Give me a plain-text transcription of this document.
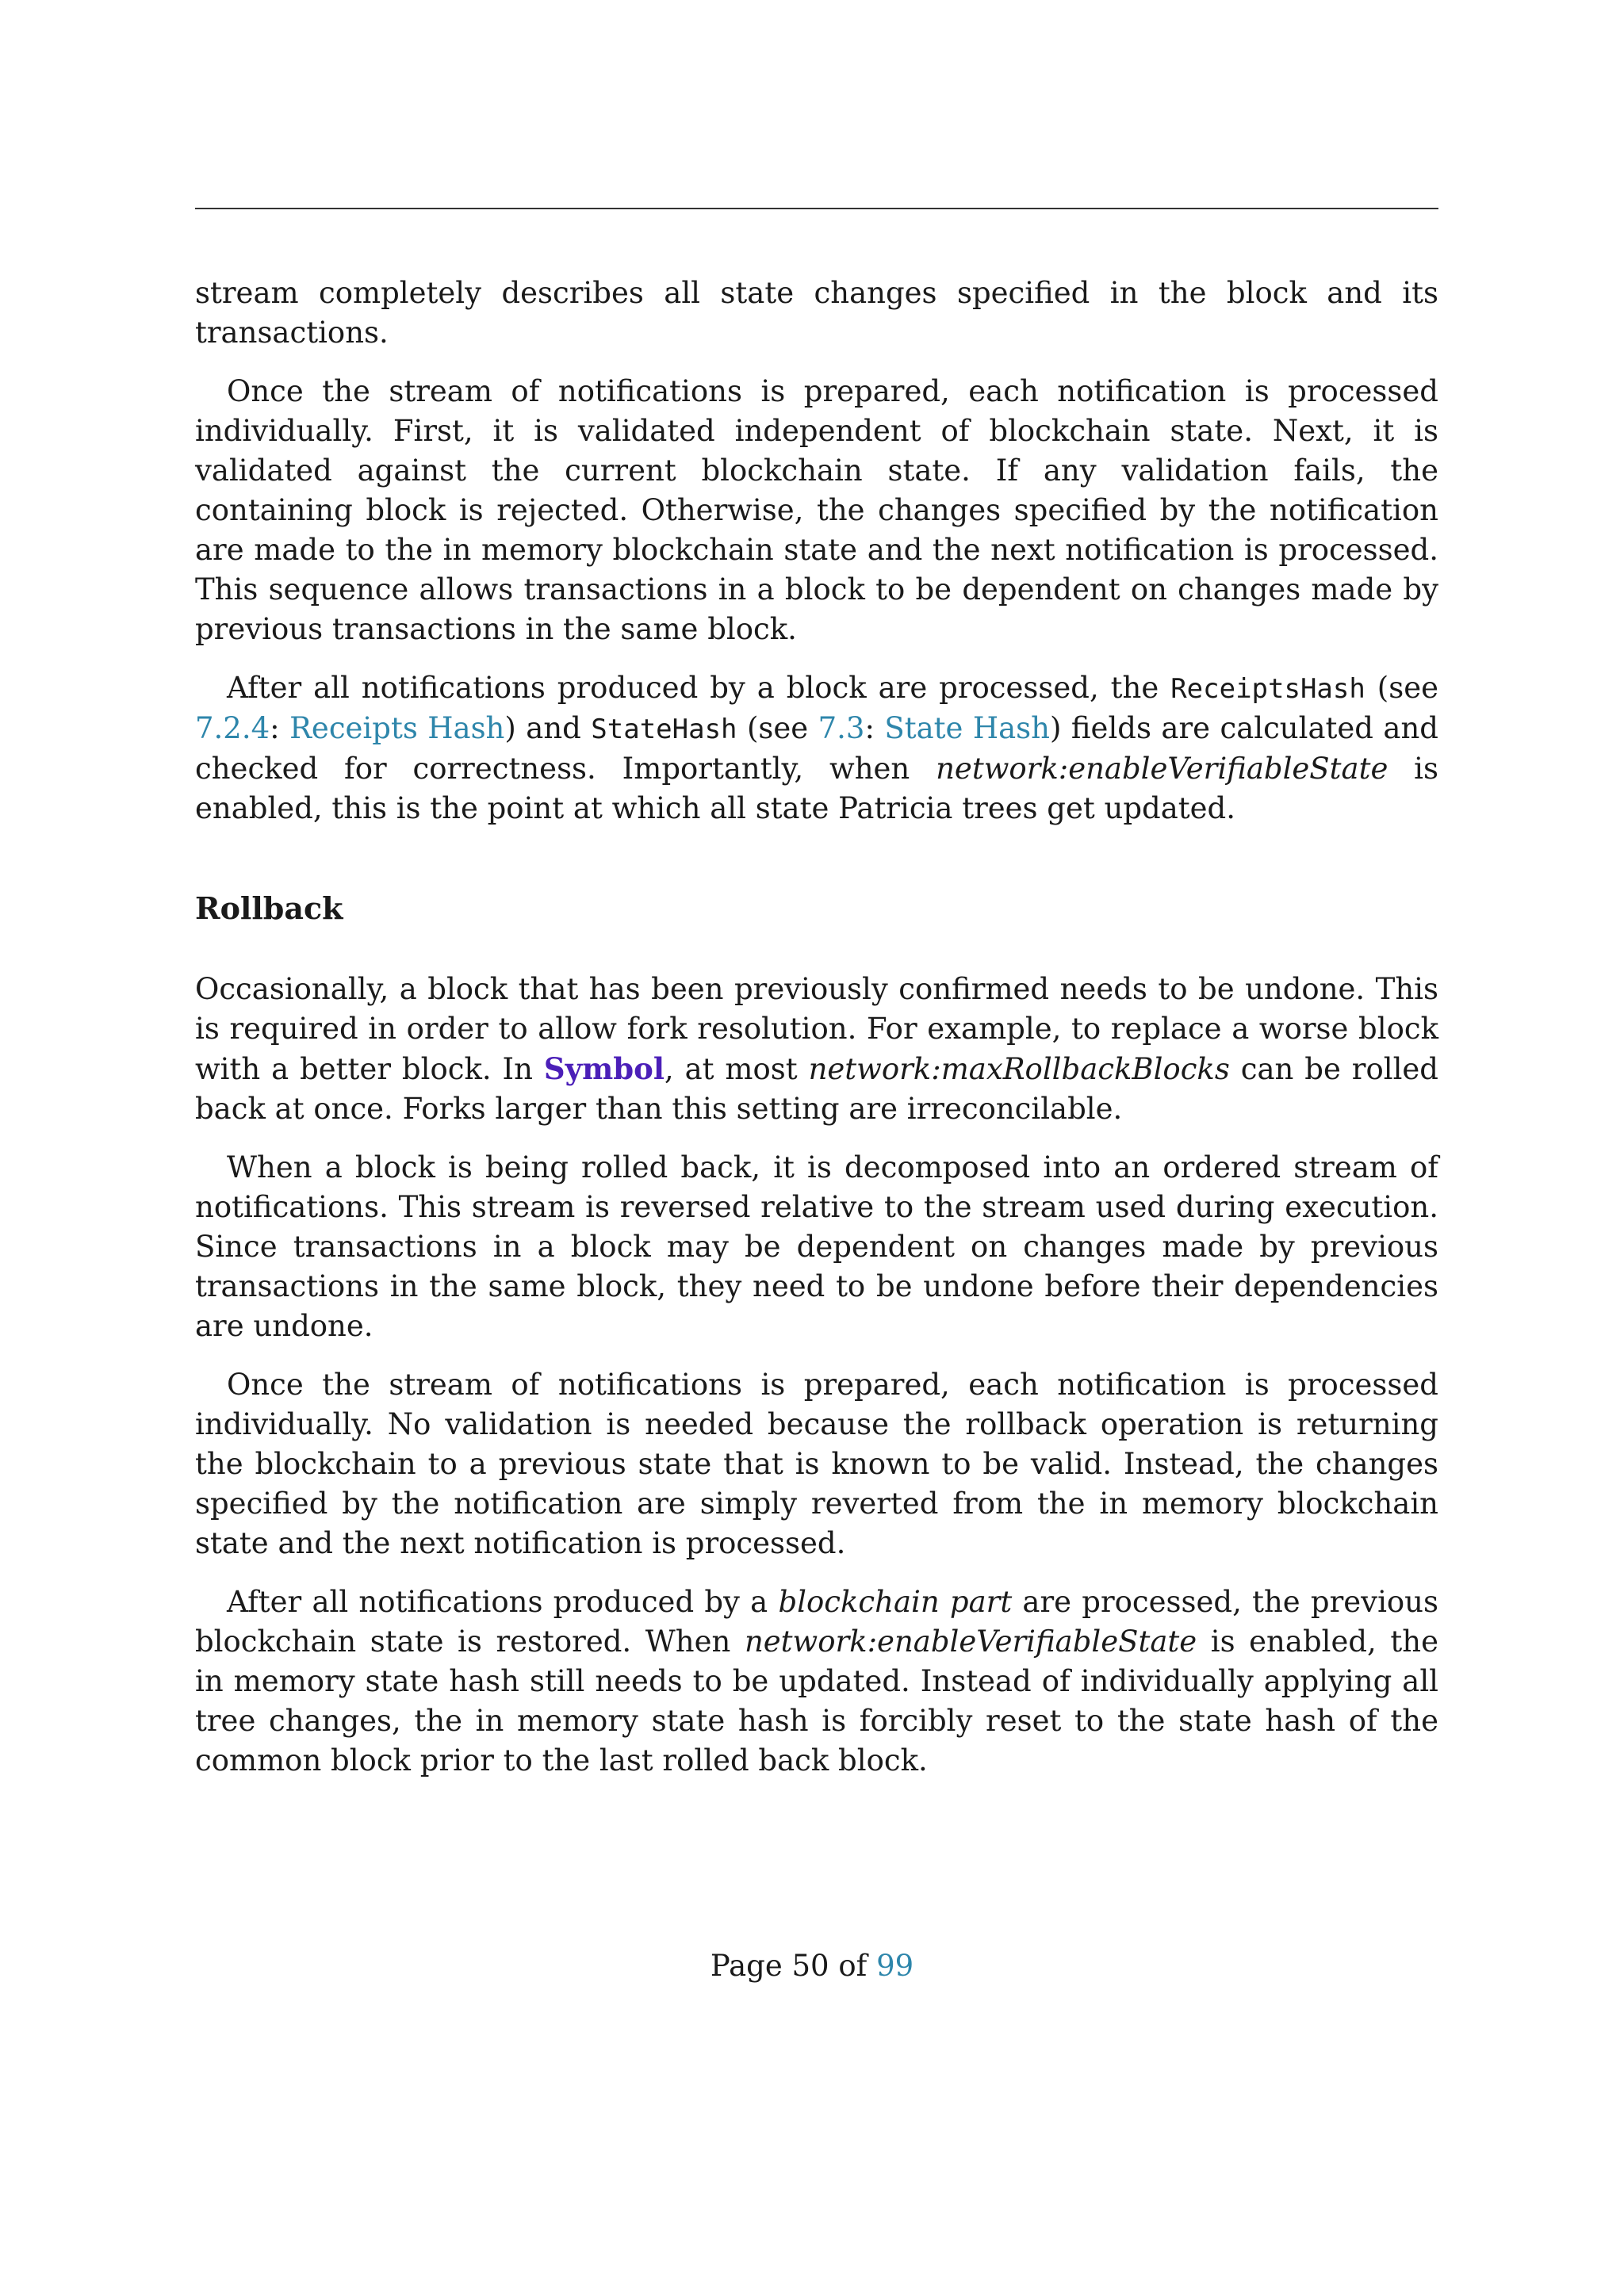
stream completely describes all state changes specified in the block and its transactions.

Once the stream of notifications is prepared, each notification is processed individually. First, it is validated independent of blockchain state. Next, it is validated against the current blockchain state. If any validation fails, the containing block is rejected. Otherwise, the changes specified by the notification are made to the in memory blockchain state and the next notification is processed. This sequence allows transactions in a block to be dependent on changes made by previous transactions in the same block.

After all notifications produced by a block are processed, the ReceiptsHash (see 7.2.4: Receipts Hash) and StateHash (see 7.3: State Hash) fields are calculated and checked for correctness. Importantly, when network:enableVerifiableState is enabled, this is the point at which all state Patricia trees get updated.

Rollback

Occasionally, a block that has been previously confirmed needs to be undone. This is required in order to allow fork resolution. For example, to replace a worse block with a better block. In Symbol, at most network:maxRollbackBlocks can be rolled back at once. Forks larger than this setting are irreconcilable.

When a block is being rolled back, it is decomposed into an ordered stream of notifications. This stream is reversed relative to the stream used during execution. Since transactions in a block may be dependent on changes made by previous transactions in the same block, they need to be undone before their dependencies are undone.

Once the stream of notifications is prepared, each notification is processed individually. No validation is needed because the rollback operation is returning the blockchain to a previous state that is known to be valid. Instead, the changes specified by the notification are simply reverted from the in memory blockchain state and the next notification is processed.

After all notifications produced by a blockchain part are processed, the previous blockchain state is restored. When network:enableVerifiableState is enabled, the in memory state hash still needs to be updated. Instead of individually applying all tree changes, the in memory state hash is forcibly reset to the state hash of the common block prior to the last rolled back block.

Page 50 of 99
